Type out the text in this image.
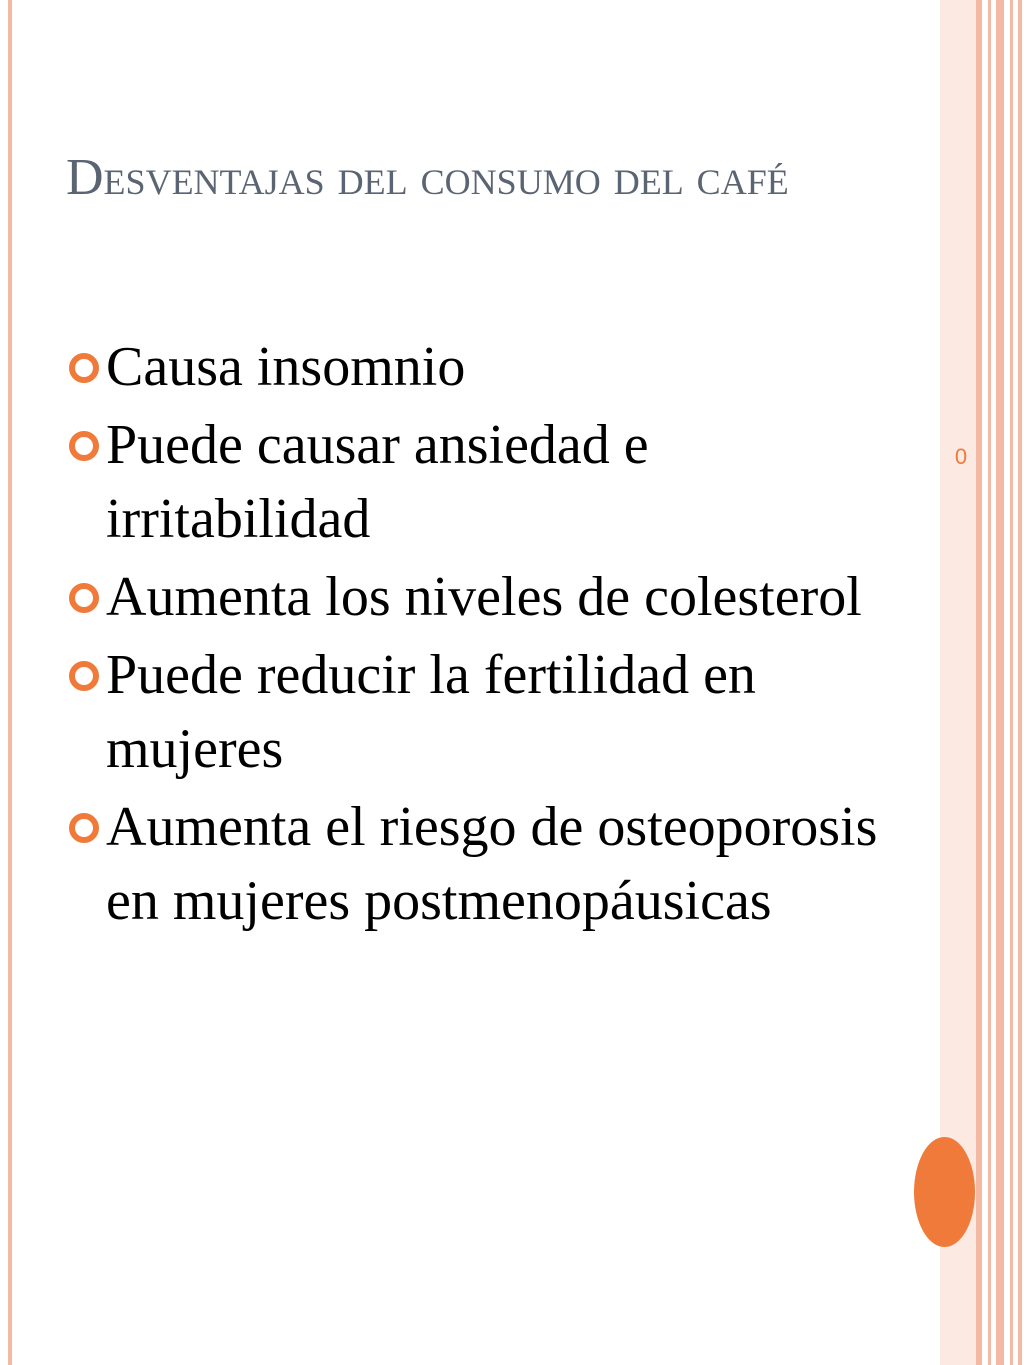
0
Desventajas del consumo del café
Causa insomnio
Puede causar ansiedad e irritabilidad
Aumenta los niveles de colesterol
Puede reducir la fertilidad en mujeres
Aumenta el riesgo de osteoporosis en mujeres postmenopáusicas
